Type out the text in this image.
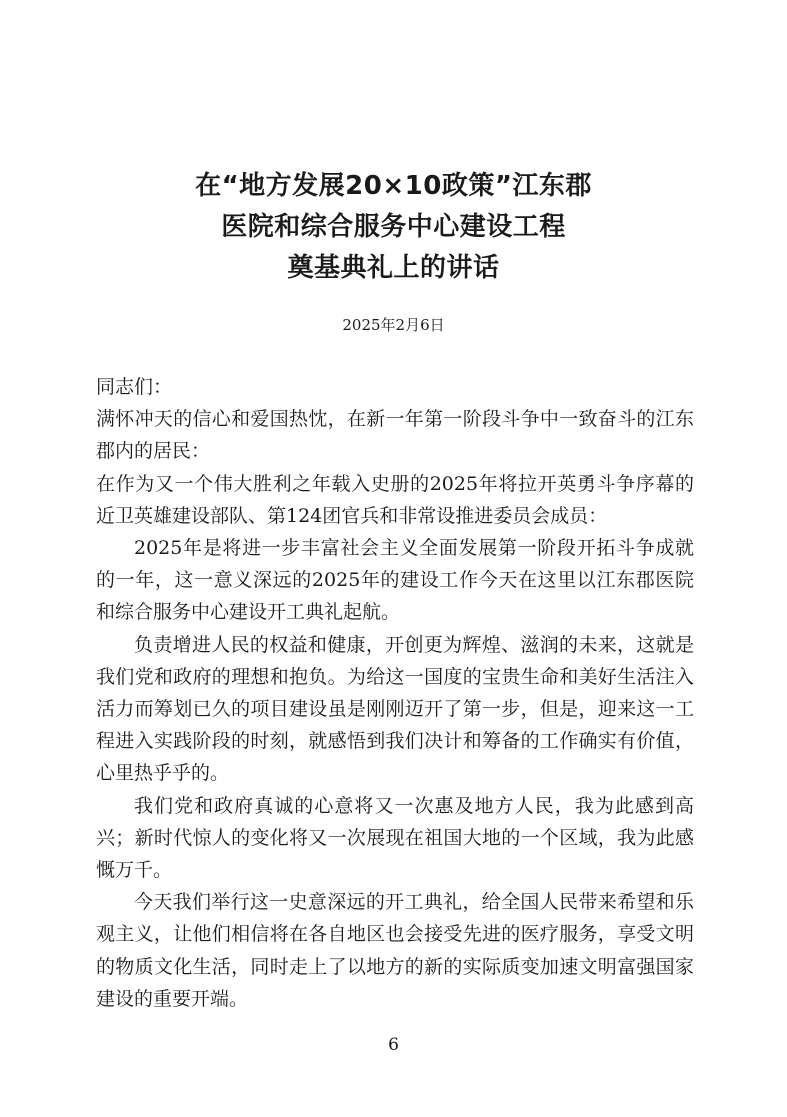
在“地方发展20×10政策”江东郡
医院和综合服务中心建设工程
奠基典礼上的讲话
2025年2月6日

同志们：

满怀冲天的信心和爱国热忱，在新一年第一阶段斗争中一致奋斗的江东郡内的居民：

在作为又一个伟大胜利之年载入史册的2025年将拉开英勇斗争序幕的近卫英雄建设部队、第124团官兵和非常设推进委员会成员：

2025年是将进一步丰富社会主义全面发展第一阶段开拓斗争成就的一年，这一意义深远的2025年的建设工作今天在这里以江东郡医院和综合服务中心建设开工典礼起航。

负责增进人民的权益和健康，开创更为辉煌、滋润的未来，这就是我们党和政府的理想和抱负。为给这一国度的宝贵生命和美好生活注入活力而筹划已久的项目建设虽是刚刚迈开了第一步，但是，迎来这一工程进入实践阶段的时刻，就感悟到我们决计和筹备的工作确实有价值，心里热乎乎的。

我们党和政府真诚的心意将又一次惠及地方人民，我为此感到高兴；新时代惊人的变化将又一次展现在祖国大地的一个区域，我为此感慨万千。

今天我们举行这一史意深远的开工典礼，给全国人民带来希望和乐观主义，让他们相信将在各自地区也会接受先进的医疗服务，享受文明的物质文化生活，同时走上了以地方的新的实际质变加速文明富强国家建设的重要开端。

6
